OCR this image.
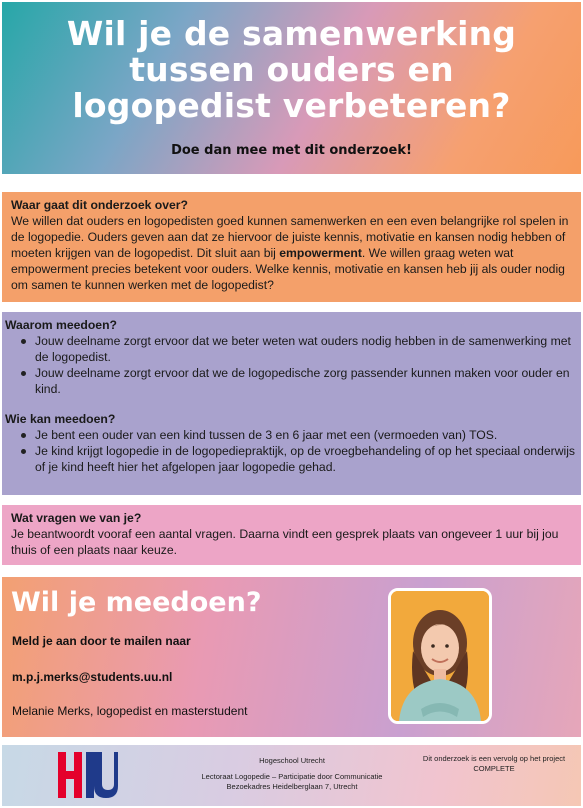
Wil je de samenwerking tussen ouders en logopedist verbeteren?
Doe dan mee met dit onderzoek!
Waar gaat dit onderzoek over?

We willen dat ouders en logopedisten goed kunnen samenwerken en een even belangrijke rol spelen in de logopedie. Ouders geven aan dat ze hiervoor de juiste kennis, motivatie en kansen nodig hebben of moeten krijgen van de logopedist. Dit sluit aan bij empowerment. We willen graag weten wat empowerment precies betekent voor ouders. Welke kennis, motivatie en kansen heb jij als ouder nodig om samen te kunnen werken met de logopedist?

Waarom meedoen?
Jouw deelname zorgt ervoor dat we beter weten wat ouders nodig hebben in de samenwerking met de logopedist.
Jouw deelname zorgt ervoor dat we de logopedische zorg passender kunnen maken voor ouder en kind.
Wie kan meedoen?
Je bent een ouder van een kind tussen de 3 en 6 jaar met een (vermoeden van) TOS.
Je kind krijgt logopedie in de logopediepraktijk, op de vroegbehandeling of op het speciaal onderwijs of je kind heeft hier het afgelopen jaar logopedie gehad.
Wat vragen we van je?

Je beantwoordt vooraf een aantal vragen. Daarna vindt een gesprek plaats van ongeveer 1 uur bij jou thuis of een plaats naar keuze.

Wil je meedoen?
Meld je aan door te mailen naar
m.p.j.merks@students.uu.nl
Melanie Merks, logopedist en masterstudent
Hogeschool Utrecht
Lectoraat Logopedie – Participatie door Communicatie
Bezoekadres Heidelberglaan 7, Utrecht
Dit onderzoek is een vervolg op het project COMPLETE
